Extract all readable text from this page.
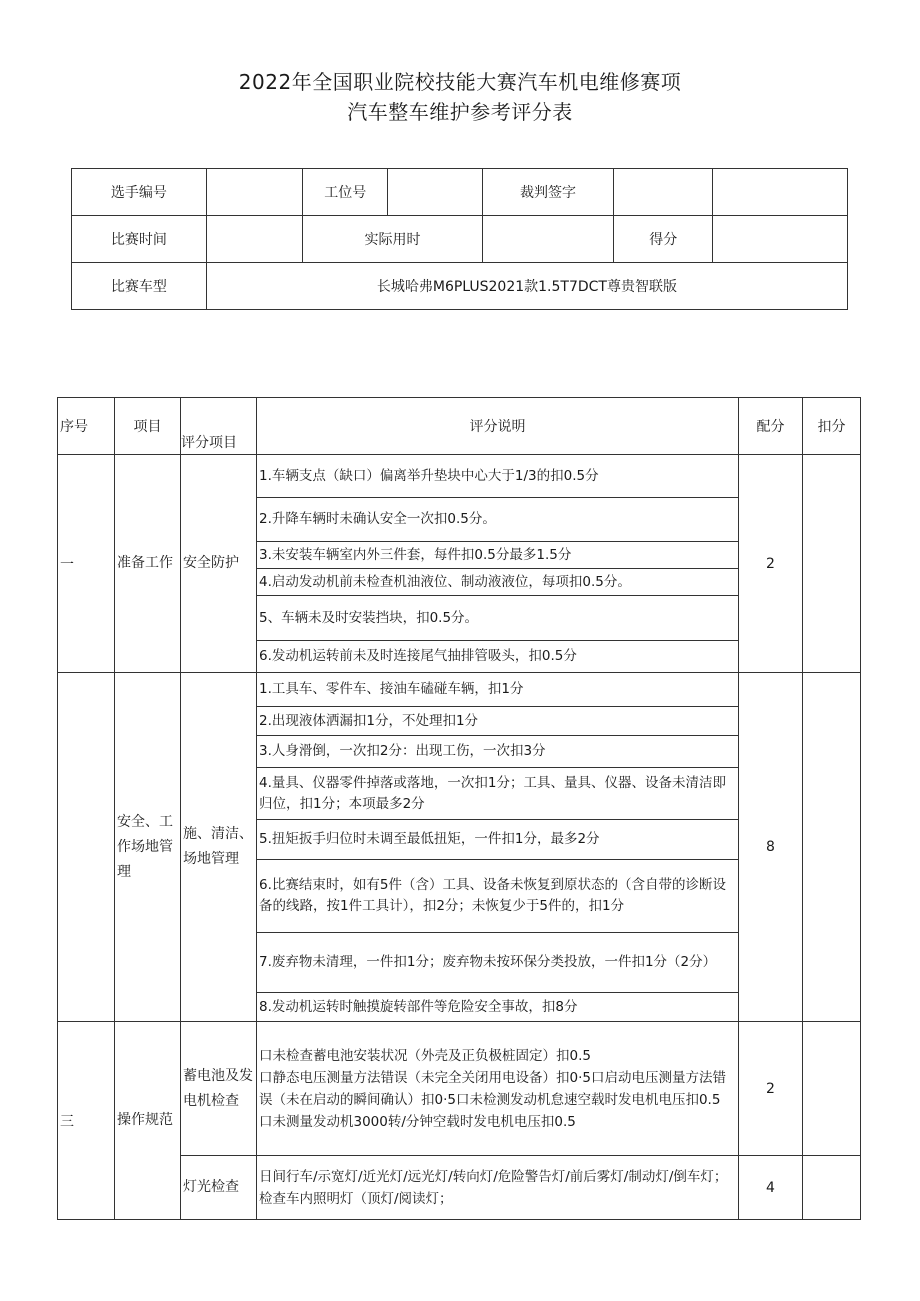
2022年全国职业院校技能大赛汽车机电维修赛项
汽车整车维护参考评分表
选手编号		工位号		裁判签字		
比赛时间		实际用时			得分	
比赛车型	长城哈弗M6PLUS2021款1.5T7DCT尊贵智联版					
序号	项目	评分项目	评分说明	配分	扣分
一	准备工作	安全防护	1.车辆支点（缺口）偏离举升垫块中心大于1/3的扣0.5分	2	
			2.升降车辆时未确认安全一次扣0.5分。		
			3.未安装车辆室内外三件套，每件扣0.5分最多1.5分		
			4.启动发动机前未检查机油液位、制动液液位，每项扣0.5分。		
			5、车辆未及时安装挡块，扣0.5分。		
			6.发动机运转前未及时连接尾气抽排管吸头，扣0.5分		
	安全、工作场地管理	施、清洁、场地管理	1.工具车、零件车、接油车磕碰车辆，扣1分	8	
			2.出现液体洒漏扣1分，不处理扣1分		
			3.人身滑倒，一次扣2分：出现工伤，一次扣3分		
			4.量具、仪器零件掉落或落地，一次扣1分；工具、量具、仪器、设备未清洁即归位，扣1分；本项最多2分		
			5.扭矩扳手归位时未调至最低扭矩，一件扣1分，最多2分		
			6.比赛结束时，如有5件（含）工具、设备未恢复到原状态的（含自带的诊断设备的线路，按1件工具计），扣2分；未恢复少于5件的，扣1分		
			7.废弃物未清理，一件扣1分；废弃物未按环保分类投放，一件扣1分（2分）		
			8.发动机运转时触摸旋转部件等危险安全事故，扣8分		
三	操作规范	蓄电池及发电机检查	口未检查蓄电池安装状况（外壳及正负极桩固定）扣0.5

口静态电压测量方法错误（未完全关闭用电设备）扣0·5口启动电压测量方法错误（未在启动的瞬间确认）扣0·5口未检测发动机怠速空载时发电机电压扣0.5

口未测量发动机3000转/分钟空载时发电机电压扣0.5	2	
		灯光检查	日间行车/示宽灯/近光灯/远光灯/转向灯/危险警告灯/前后雾灯/制动灯/倒车灯；检查车内照明灯（顶灯/阅读灯；	4	
